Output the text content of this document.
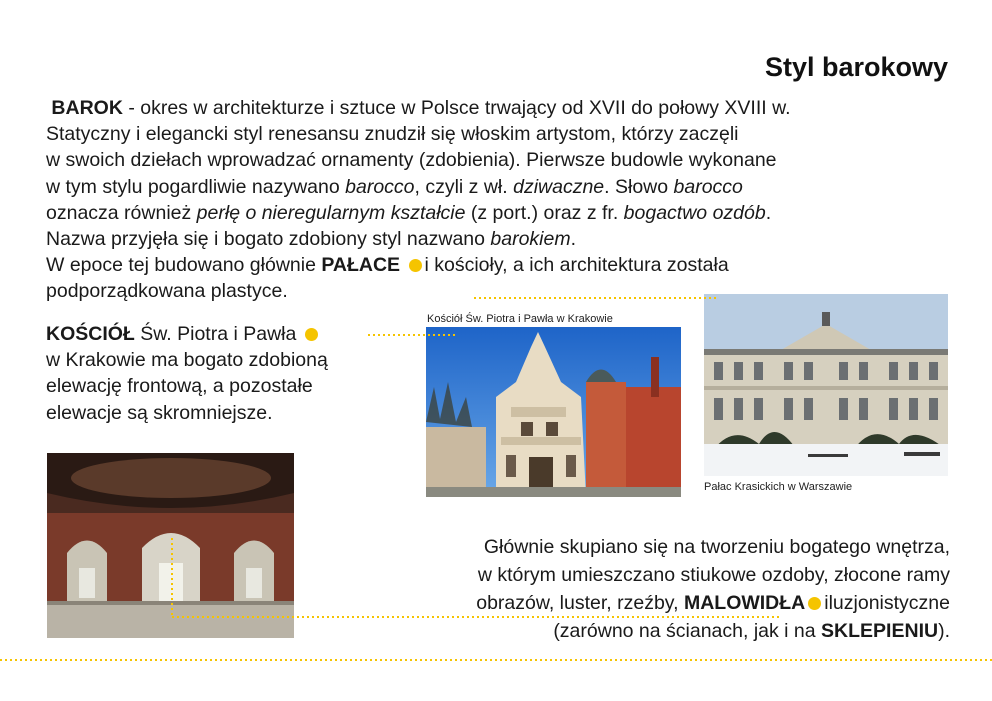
Styl barokowy

BAROK - okres w architekturze i sztuce w Polsce trwający od XVII do połowy XVIII w.
Statyczny i elegancki styl renesansu znudził się włoskim artystom, którzy zaczęli
w swoich dziełach wprowadzać ornamenty (zdobienia). Pierwsze budowle wykonane
w tym stylu pogardliwie nazywano barocco, czyli z wł. dziwaczne. Słowo barocco
oznacza również perłę o nieregularnym kształcie (z port.) oraz z fr. bogactwo ozdób.
Nazwa przyjęła się i bogato zdobiony styl nazwano barokiem.
W epoce tej budowano głównie PAŁACE i kościoły, a ich architektura została
podporządkowana plastyce.

KOŚCIÓŁ Św. Piotra i Pawła
w Krakowie ma bogato zdobioną
elewację frontową, a pozostałe
elewacje są skromniejsze.

Kościół Św. Piotra i Pawła w Krakowie
Pałac Krasickich w Warszawie

Głównie skupiano się na tworzeniu bogatego wnętrza,
w którym umieszczano stiukowe ozdoby, złocone ramy
obrazów, luster, rzeźby, MALOWIDŁA iluzjonistyczne
(zarówno na ścianach, jak i na SKLEPIENIU).
